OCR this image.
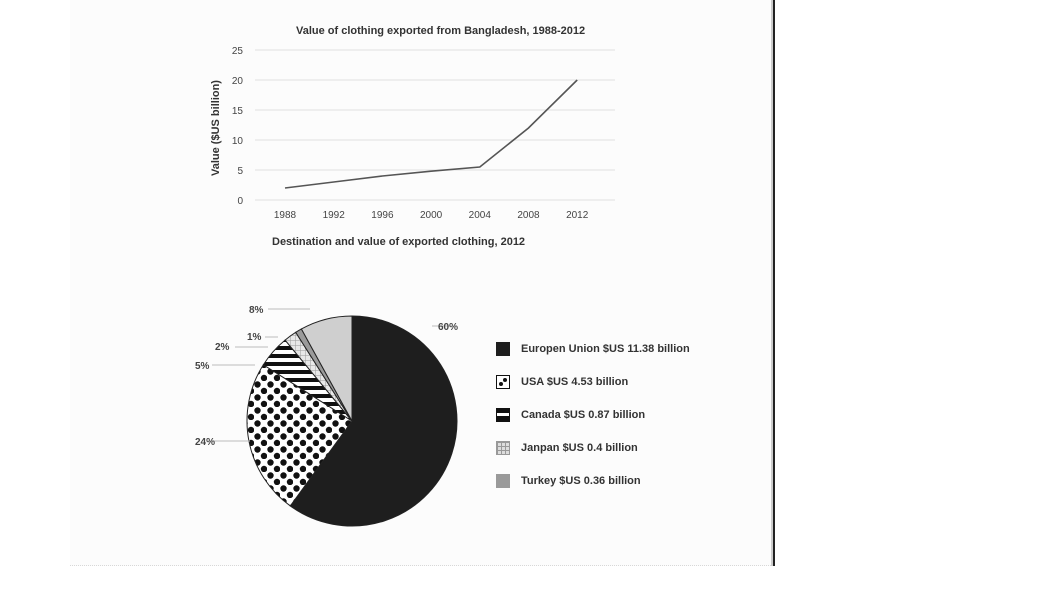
Value of clothing exported from Bangladesh, 1988-2012
Value ($US billion)
0
5
10
15
20
25
1988	1992	1996	2000	2004	2008	2012
Destination and value of exported clothing, 2012
60%
24%
5%
2%
1%
8%
Europen Union $US 11.38 billion
USA $US 4.53 billion
Canada $US 0.87 billion
Janpan $US 0.4 billion
Turkey $US 0.36 billion
